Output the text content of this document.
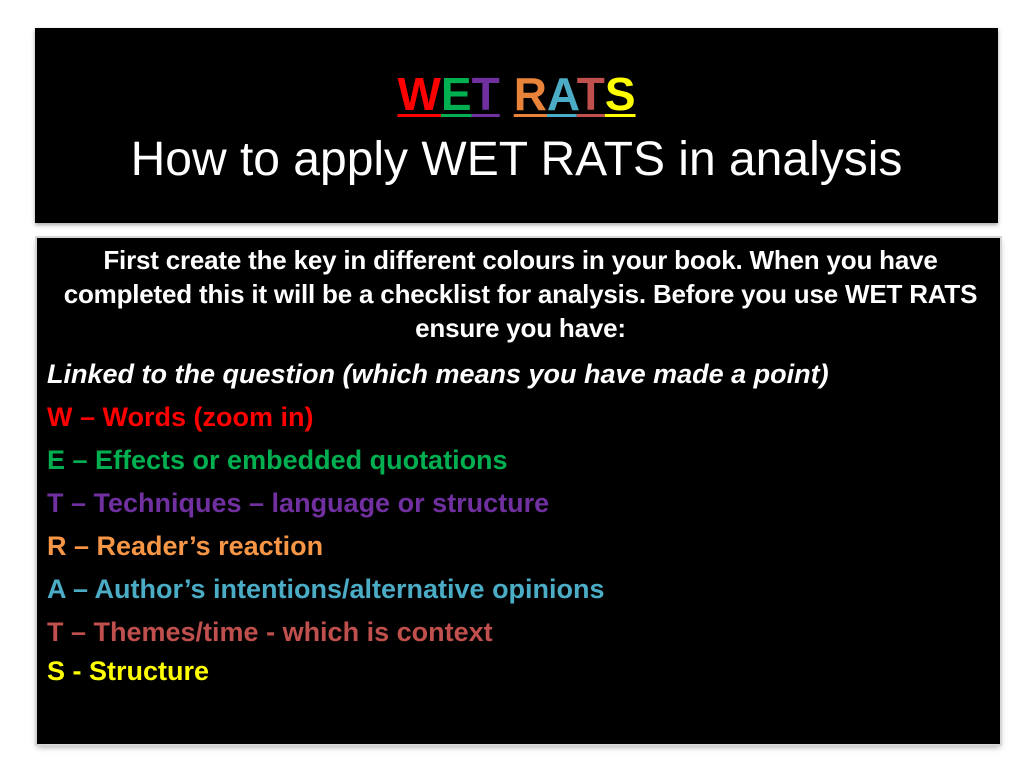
WET RATS
How to apply WET RATS in analysis

First create the key in different colours in your book. When you have completed this it will be a checklist for analysis. Before you use WET RATS ensure you have:

Linked to the question (which means you have made a point)
W – Words (zoom in)
E – Effects or embedded quotations
T – Techniques – language or structure
R – Reader’s reaction
A – Author’s intentions/alternative opinions
T – Themes/time - which is context
S - Structure
